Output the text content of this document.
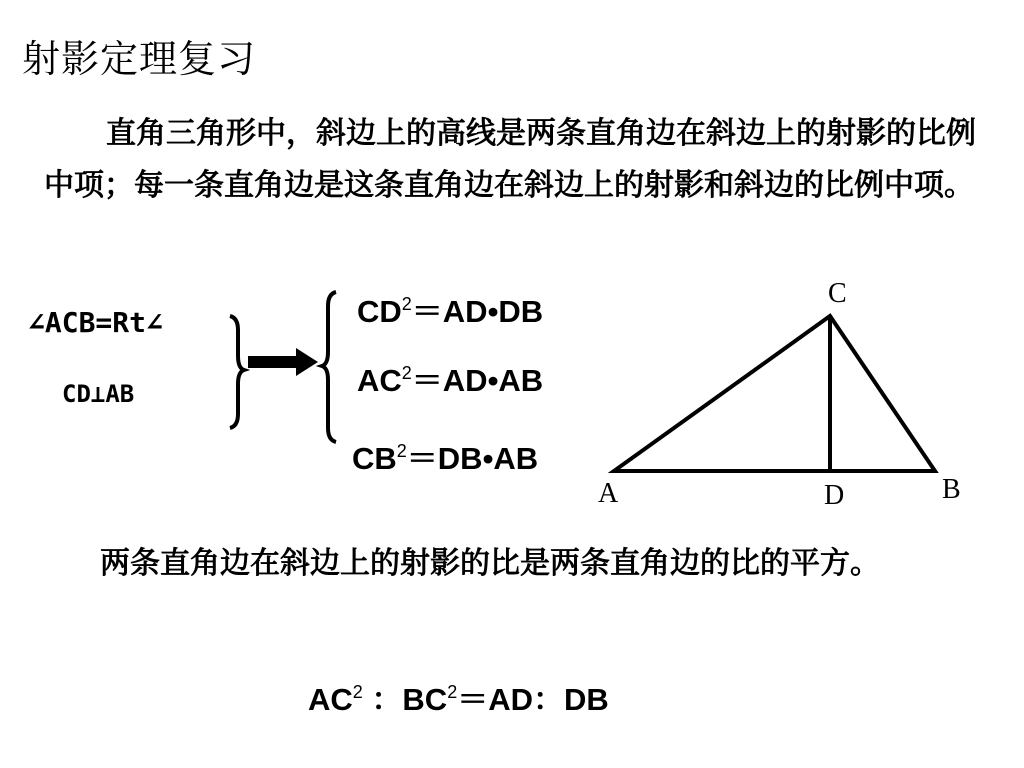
射影定理复习
直角三角形中，斜边上的高线是两条直角边在斜边上的射影的比例中项；每一条直角边是这条直角边在斜边上的射影和斜边的比例中项。
∠ACB=Rt∠
CD⊥AB
C
A	D	B
$CD^2=AD•DB$
$AC^2=AD•AB$
$CB^2=DB•AB$
两条直角边在斜边上的射影的比是两条直角边的比的平方。
$AC^2$ ：$BC^2=AD$：DB
